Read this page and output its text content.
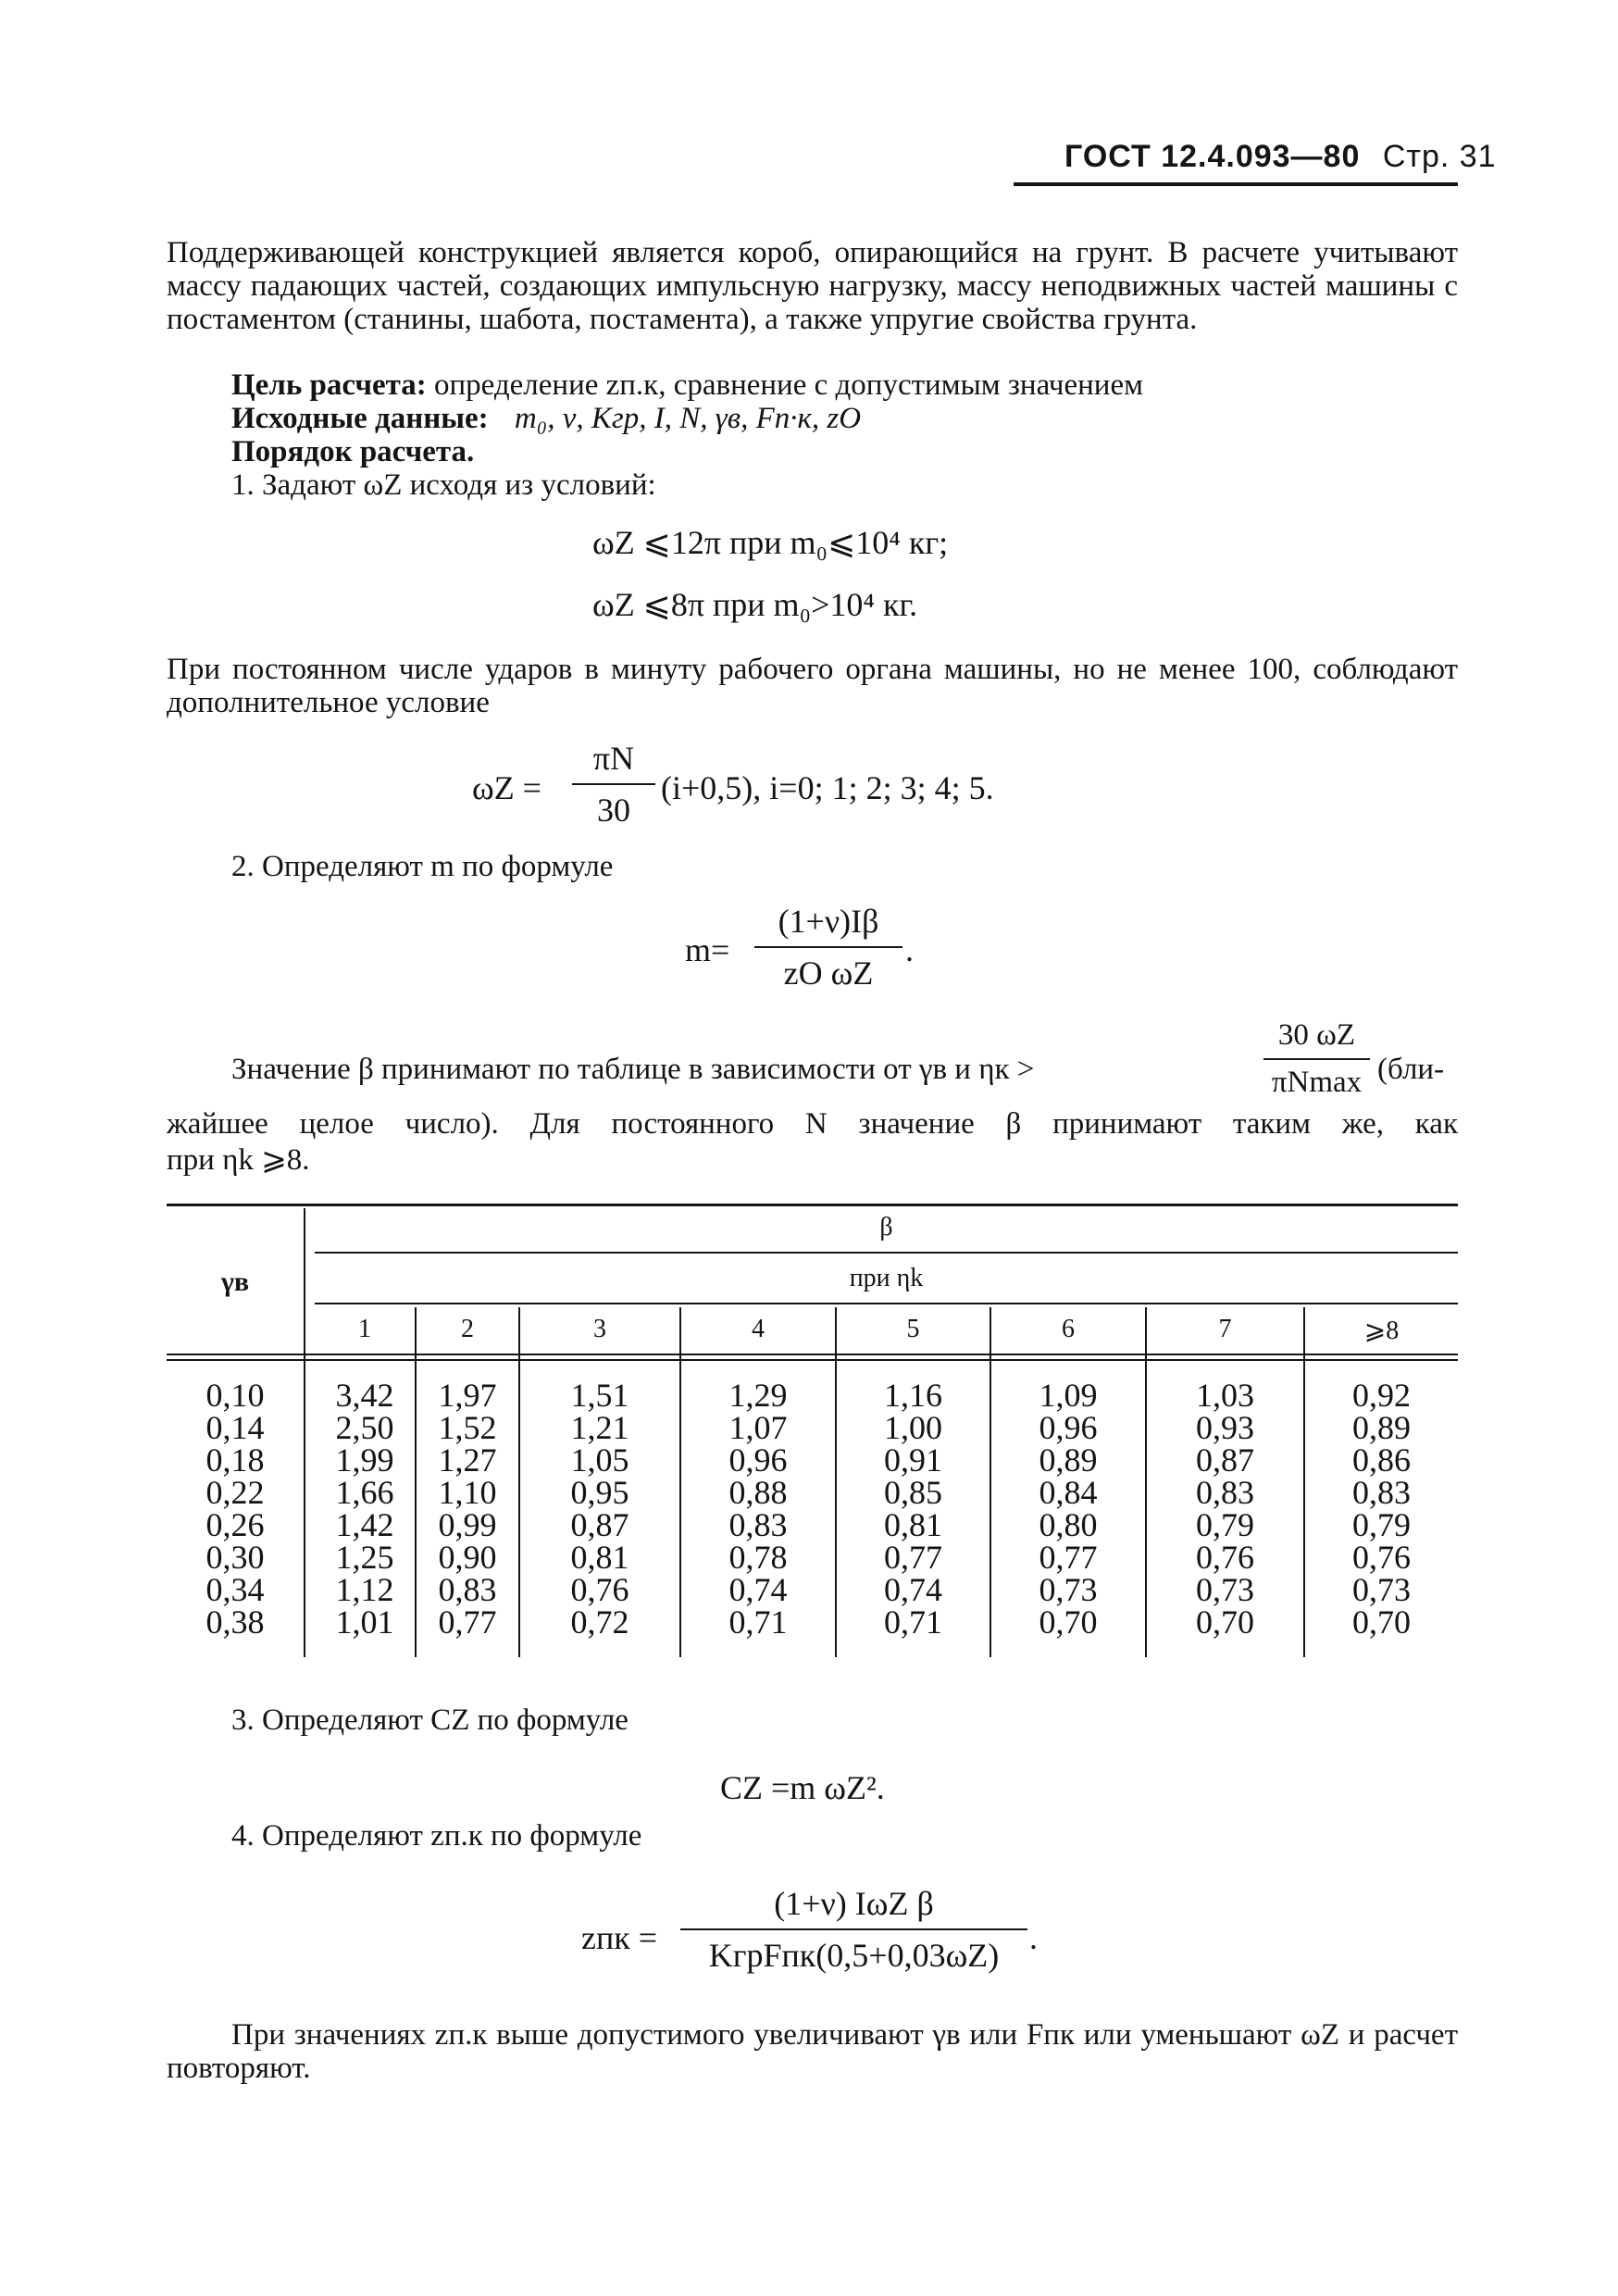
ГОСТ 12.4.093—80 Стр. 31
Поддерживающей конструкцией является короб, опирающийся на грунт. В расчете учитывают массу падающих частей, создающих импульсную нагрузку, массу неподвижных частей машины с постаментом (станины, шабота, постамента), а также упругие свойства грунта.
Цель расчета: определение zп.к, сравнение с допустимым значением
Исходные данные: m₀, ν, Kгр, I, N, γв, Fп·к, zO
Порядок расчета.
1. Задают ωZ исходя из условий:
ωZ ⩽12π при m₀⩽10⁴ кг;
ωZ ⩽8π при m₀>10⁴ кг.
При постоянном числе ударов в минуту рабочего органа машины, но не менее 100, соблюдают дополнительное условие
ωZ =
πN
30
(i+0,5), i=0; 1; 2; 3; 4; 5.
2. Определяют m по формуле
m=
(1+ν)Iβ
zO ωZ
.
Значение β принимают по таблице в зависимости от γв и ηк >
30 ωZ
πNmax (бли-
жайшее целое число). Для постоянного N значение β принимают таким же, как
при ηk ⩾8.
γв
β
при ηk
1	2	3	4	5	6	7	⩾8
0,10	3,42	1,97	1,51	1,29	1,16	1,09	1,03	0,92
0,14	2,50	1,52	1,21	1,07	1,00	0,96	0,93	0,89
0,18	1,99	1,27	1,05	0,96	0,91	0,89	0,87	0,86
0,22	1,66	1,10	0,95	0,88	0,85	0,84	0,83	0,83
0,26	1,42	0,99	0,87	0,83	0,81	0,80	0,79	0,79
0,30	1,25	0,90	0,81	0,78	0,77	0,77	0,76	0,76
0,34	1,12	0,83	0,76	0,74	0,74	0,73	0,73	0,73
0,38	1,01	0,77	0,72	0,71	0,71	0,70	0,70	0,70
3. Определяют CZ по формуле
CZ =m ωZ².
4. Определяют zп.к по формуле
zпк =
(1+ν) IωZ β
KгрFпк(0,5+0,03ωZ) .
При значениях zп.к выше допустимого увеличивают γв или Fпк или уменьшают ωZ и расчет повторяют.
